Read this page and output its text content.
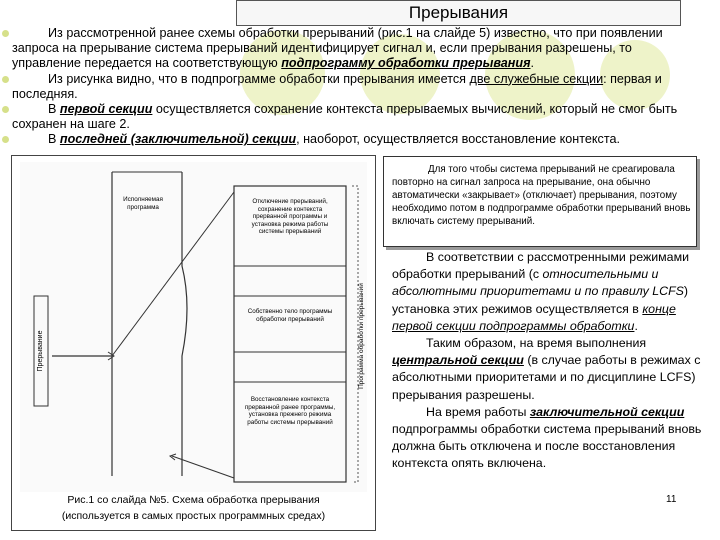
Прерывания

Из рассмотренной ранее схемы обработки прерываний (рис.1 на слайде 5) известно, что при появлении запроса на прерывание система прерываний идентифицирует сигнал и, если прерывания разрешены, то управление передается на соответствующую подпрограмму обработки прерывания.

Из рисунка видно, что в подпрограмме обработки прерывания имеется две служебные секции: первая и последняя.

В первой секции осуществляется сохранение контекста прерываемых вычислений, который не смог быть сохранен на шаге 2.

В последней (заключительной) секции, наоборот, осуществляется восстановление контекста.

Исполняемая программа
Отключение прерываний, сохранение контекста прерванной программы и установка режима работы системы прерываний
Собственно тело программы обработки прерываний
Восстановление контекста прерванной ранее программы, установка прежнего режима работы системы прерываний
Прерывание	Программа обработки прерываний
Рис.1 со слайда №5. Схема обработка прерывания
(используется в самых простых программных средах)

Для того чтобы система прерываний не среагировала повторно на сигнал запроса на прерывание, она обычно автоматически «закрывает» (отключает) прерывания, поэтому необходимо потом в подпрограмме обработки прерываний вновь включать систему прерываний.

В соответствии с рассмотренными режимами обработки прерываний (с относительными и абсолютными приоритетами и по правилу LCFS) установка этих режимов осуществляется в конце первой секции подпрограммы обработки.

Таким образом, на время выполнения центральной секции (в случае работы в режимах с абсолютными приоритетами и по дисциплине LCFS) прерывания разрешены.

На время работы заключительной секции подпрограммы обработки система прерываний вновь должна быть отключена и после восстановления контекста опять включена.

11
